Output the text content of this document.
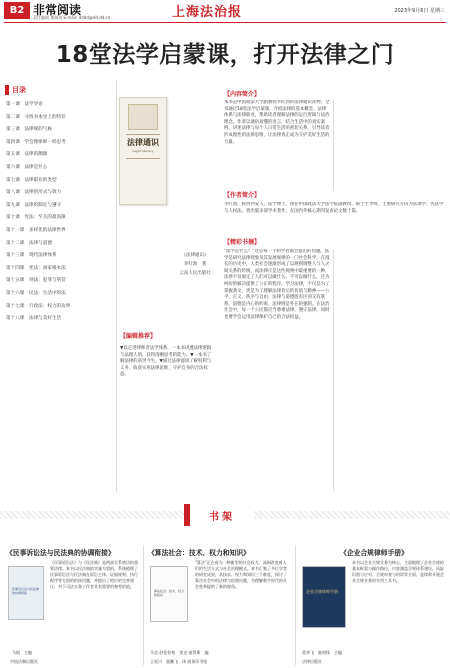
B2 非常阅读
责任编辑 黄瑞英 E-mail: dddd@dd.dd.cn	上海法治报	2023年9月6日 星期三
18堂法学启蒙课，打开法律之门
目录
第一课　法学导论
第二课　寻找书本里上的特罚
第三课　法律规的气候
第四课　学会像律师一样思考
第五课　法律的渊源
第六课　法律是什么
第七课　法律职业的类型
第八课　法律的形式与效力
第九课　法律的制定与遵守
第十课　宪法：至关的最高限
第十一课　多样化的法律世界
第十二课　法律与道德
第十三课　现代法律体系
第十四课　宪法：国家根本法
第十五课　刑法：犯罪与刑罚
第十六课　民法：生活中的法
第十七课　行政法：权力的边界
第十八课　法律与美好生活
法律通识
Legal Literacy
《法律通识》
李红勃　著
云南人民出版社
【编辑推荐】
▼以走进律师者法学体系，一本书讲透法律逻辑与法理人情，获得清晰思考的能力。▼一本书了解法律的前世今生。▼通过法律漫谈了解权利与义务，收获实用法律思维，守护自身的合法权益。
【内容简介】
本书是中国政法大学副教授李红勃的法律通识读物。全书通过18堂法学启蒙课，介绍法律的基本概念、法律体系与法律职业，帮助读者理解法律的运行逻辑与法治理念。作者以通俗易懂的语言，结合生活中的真实案例，讲述法律与每个人日常生活的密切关系，引导读者形成理性的法律思维，让法律真正成为守护美好生活的力量。
【作者简介】
李红勃，陕西西安人，法学博士，现任中国政法大学法学院副教授、硕士生导师，主要研究方向为法理学、宪法学与人权法。曾出版多部学术著作，在国内外核心期刊发表论文数十篇。
【精彩书摘】
"法学是什么？"这是每一个初学者都会提出的问题。法学是研究法律现象及其发展规律的一门社会科学。在漫长的历史中，人类社会逐渐形成了以规则调整人与人之间关系的传统，而法律正是这些规则中最重要的一种。法律不仅规定了人们可以做什么、不可以做什么，还为纠纷的解决提供了公正的程序。学习法律，不仅是为了掌握条文，更是为了理解法律背后的价值与精神——公平、正义、秩序与自由。法律与道德既有区别又有联系，道德是内心的约束，法律则是外在的强制。在法治社会中，每一个公民都应当尊重法律、遵守法律，同时也要学会运用法律保护自己的合法权益。
书架
《民事诉讼法与民法典的协调衔接》
民事诉讼法与民法典的协调衔接
马根　主编
中国法制出版社
《民事诉讼法》与《民法典》是两部关系密切的重要法律。本书以民法典的实施为契机，系统梳理了民事诉讼法与民法典在诉讼主体、证据规则、执行程序等方面的衔接问题，并提出了相应的完善建议，对于司法实务工作者具有重要的参考价值。
《算法社会：技术、权力和知识》
算法社会：技术、权力和知识
马克·舒伦伯格　里克·彼得斯　编
王延川　栗鹏飞　译 商务印书馆
"算法"正在成为一种新型的社会权力，深刻改变着人们的生活方式与社会治理模式。本书汇集了多位学者的研究成果，从技术、权力和知识三个维度，探讨了算法社会中的法律与伦理问题，为理解数字时代的社会变革提供了新的视角。
《企业合规律师手册》
企业合规律师手册
常李飞　陈明锋　主编
法律出版社
本书以企业合规实务为核心，全面梳理了企业合规的基本框架与操作路径，内容涵盖合规体系建设、风险识别与应对、合规审查与培训等方面，是律师开展企业合规业务的实用工具书。
